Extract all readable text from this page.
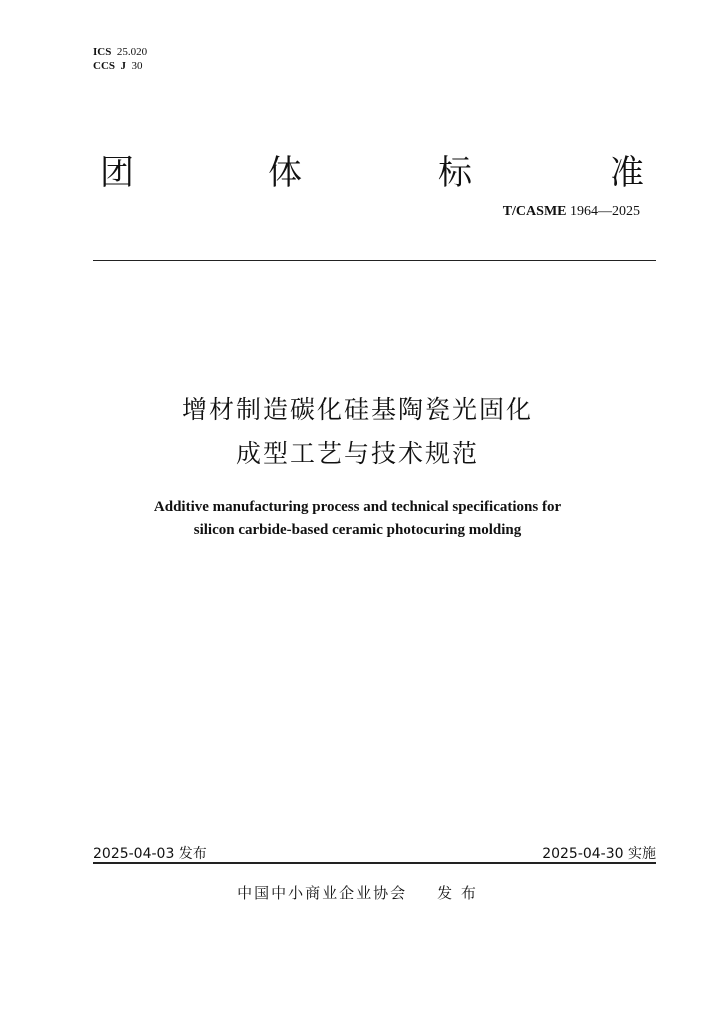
ICS 25.020
CCS J 30
团	体	标	准
T/CASME 1964—2025
增材制造碳化硅基陶瓷光固化
成型工艺与技术规范
Additive manufacturing process and technical specifications for
silicon carbide-based ceramic photocuring molding
2025-04-03 发布	2025-04-30 实施
中国中小商业企业协会 发 布
